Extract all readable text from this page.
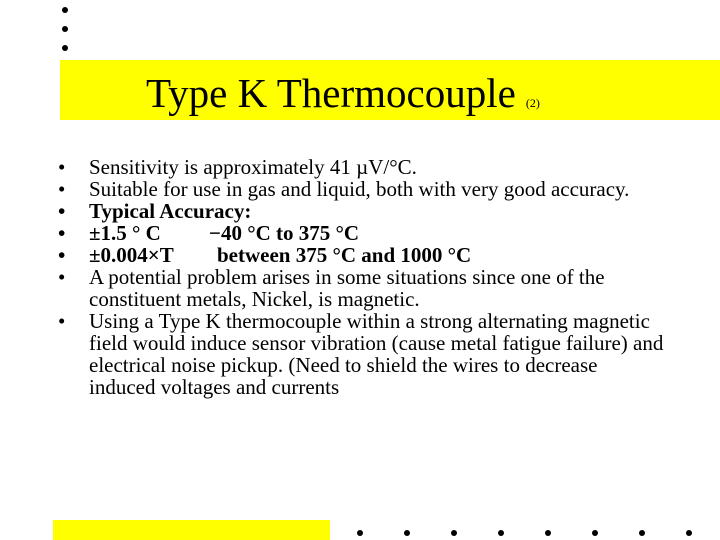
Type K Thermocouple (2)
• Sensitivity is approximately 41 µV/°C.
• Suitable for use in gas and liquid, both with very good accuracy.
• Typical Accuracy:
• ±1.5 ° C −40 °C to 375 °C
• ±0.004×T between 375 °C and 1000 °C
• A potential problem arises in some situations since one of the constituent metals, Nickel, is magnetic.
• Using a Type K thermocouple within a strong alternating magnetic field would induce sensor vibration (cause metal fatigue failure) and electrical noise pickup. (Need to shield the wires to decrease induced voltages and currents
